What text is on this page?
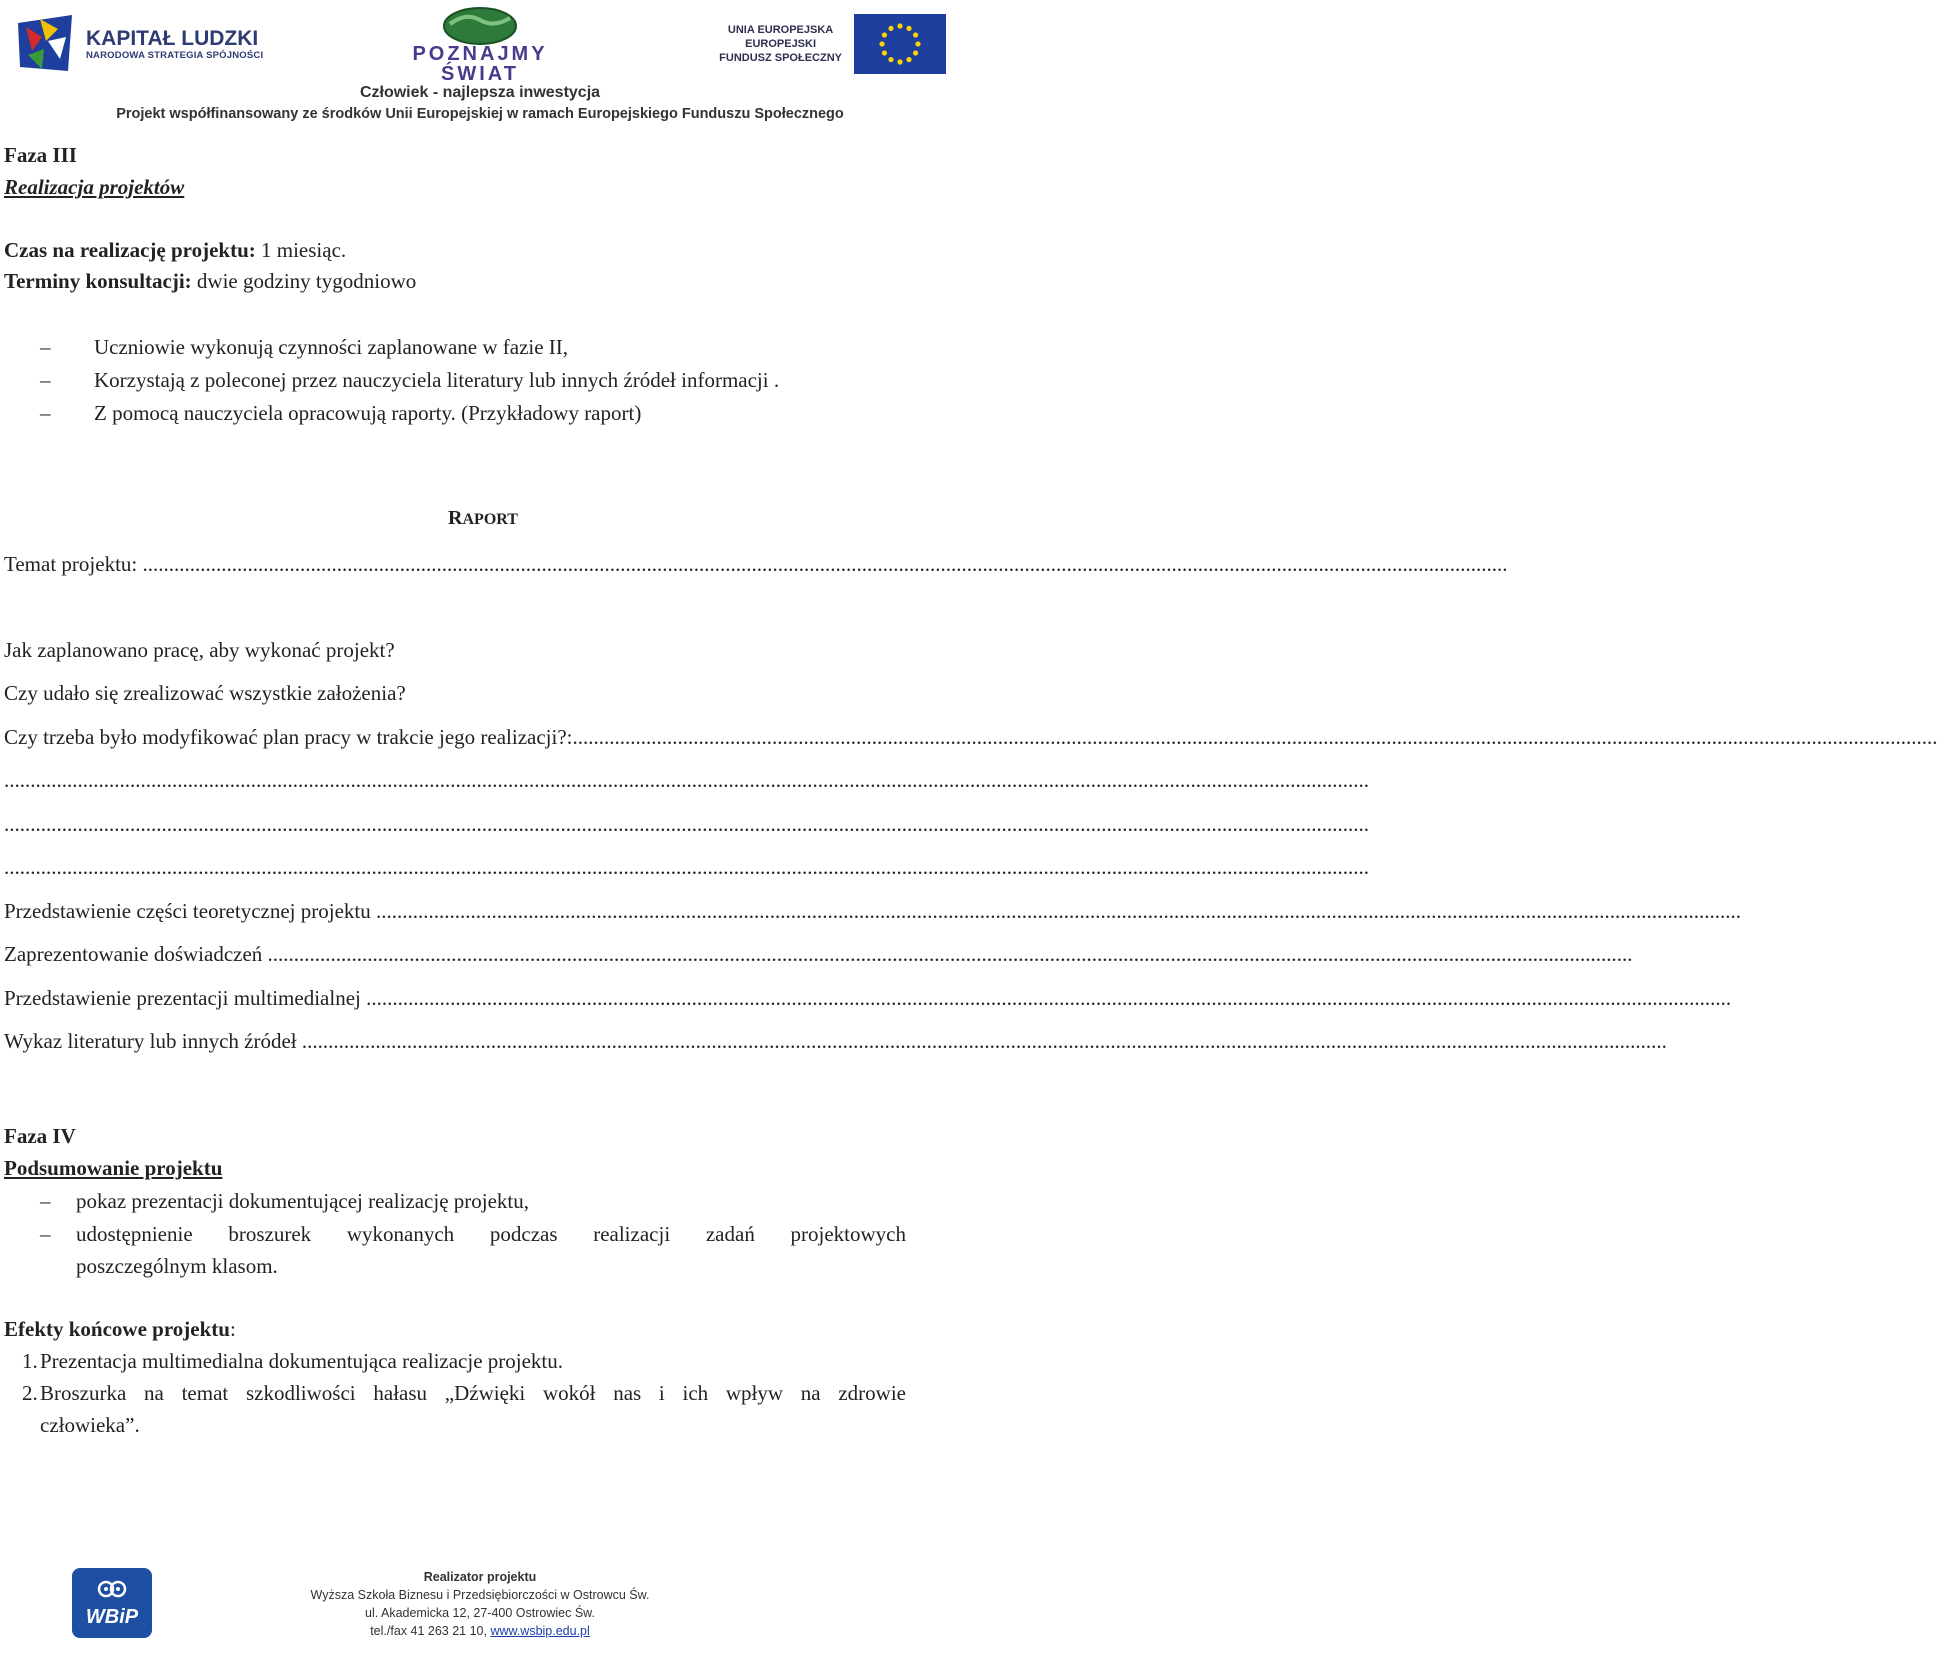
KAPITAŁ LUDZKI
NARODOWA STRATEGIA SPÓJNOŚCI	POZNAJMY
ŚWIAT
Człowiek - najlepsza inwestycja
UNIA EUROPEJSKA
EUROPEJSKI
FUNDUSZ SPOŁECZNY
Projekt współfinansowany ze środków Unii Europejskiej w ramach Europejskiego Funduszu Społecznego
Faza III
Realizacja projektów
Czas na realizację projektu: 1 miesiąc.
Terminy konsultacji: dwie godziny tygodniowo
– Uczniowie wykonują czynności zaplanowane w fazie II,
– Korzystają z poleconej przez nauczyciela literatury lub innych źródeł informacji .
– Z pomocą nauczyciela opracowują raporty. (Przykładowy raport)
RAPORT
Temat projektu: ....................................................................................................................................................................................................................................................................
Jak zaplanowano pracę, aby wykonać projekt?
Czy udało się zrealizować wszystkie założenia?
Czy trzeba było modyfikować plan pracy w trakcie jego realizacji?:....................................................................................................................................................................................................................................................................
....................................................................................................................................................................................................................................................................
....................................................................................................................................................................................................................................................................
....................................................................................................................................................................................................................................................................
Przedstawienie części teoretycznej projektu ....................................................................................................................................................................................................................................................................
Zaprezentowanie doświadczeń ....................................................................................................................................................................................................................................................................
Przedstawienie prezentacji multimedialnej ....................................................................................................................................................................................................................................................................
Wykaz literatury lub innych źródeł ....................................................................................................................................................................................................................................................................
Faza IV
Podsumowanie projektu
– pokaz prezentacji dokumentującej realizację projektu,
– udostępnienie broszurek wykonanych podczas realizacji zadań projektowych
poszczególnym klasom.
Efekty końcowe projektu:
1. Prezentacja multimedialna dokumentująca realizacje projektu.
2. Broszurka na temat szkodliwości hałasu „Dźwięki wokół nas i ich wpływ na zdrowie
człowieka”.
WBiP
Realizator projektu
Wyższa Szkoła Biznesu i Przedsiębiorczości w Ostrowcu Św.
ul. Akademicka 12, 27-400 Ostrowiec Św.
tel./fax 41 263 21 10, www.wsbip.edu.pl
